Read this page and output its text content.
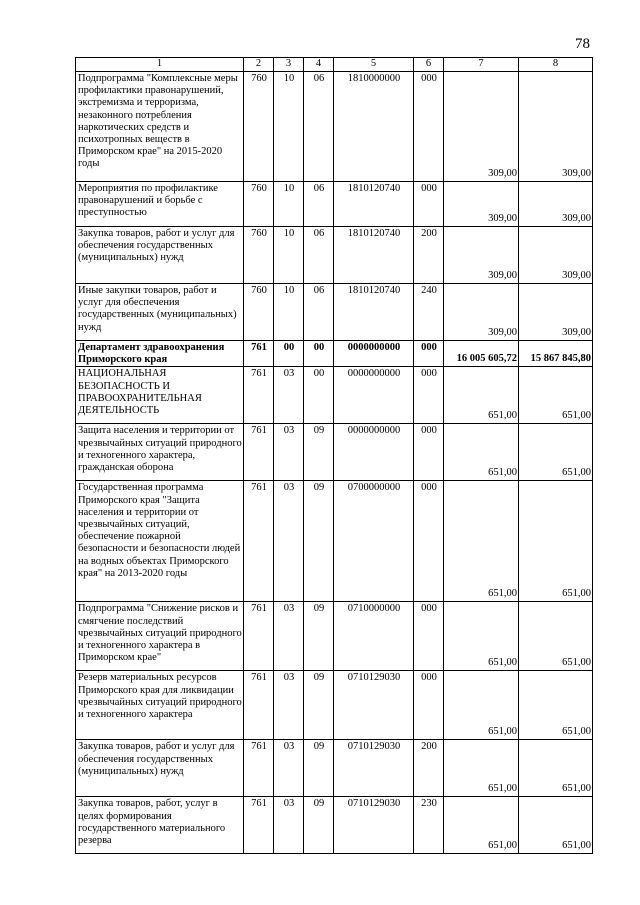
78
1	2	3	4	5	6	7	8
Подпрограмма "Комплексные меры профилактики правонарушений, экстремизма и терроризма, незаконного потребления наркотических средств и психотропных веществ в Приморском крае" на 2015-2020 годы	760	10	06	1810000000	000	309,00	309,00
Мероприятия по профилактике правонарушений и борьбе с преступностью	760	10	06	1810120740	000	309,00	309,00
Закупка товаров, работ и услуг для обеспечения государственных (муниципальных) нужд	760	10	06	1810120740	200	309,00	309,00
Иные закупки товаров, работ и услуг для обеспечения государственных (муниципальных) нужд	760	10	06	1810120740	240	309,00	309,00
Департамент здравоохранения Приморского края	761	00	00	0000000000	000	16 005 605,72	15 867 845,80
НАЦИОНАЛЬНАЯ БЕЗОПАСНОСТЬ И ПРАВООХРАНИТЕЛЬНАЯ ДЕЯТЕЛЬНОСТЬ	761	03	00	0000000000	000	651,00	651,00
Защита населения и территории от чрезвычайных ситуаций природного и техногенного характера, гражданская оборона	761	03	09	0000000000	000	651,00	651,00
Государственная программа Приморского края "Защита населения и территории от чрезвычайных ситуаций, обеспечение пожарной безопасности и безопасности людей на водных объектах Приморского края" на 2013-2020 годы	761	03	09	0700000000	000	651,00	651,00
Подпрограмма "Снижение рисков и смягчение последствий чрезвычайных ситуаций природного и техногенного характера в Приморском крае"	761	03	09	0710000000	000	651,00	651,00
Резерв материальных ресурсов Приморского края для ликвидации чрезвычайных ситуаций природного и техногенного характера	761	03	09	0710129030	000	651,00	651,00
Закупка товаров, работ и услуг для обеспечения государственных (муниципальных) нужд	761	03	09	0710129030	200	651,00	651,00
Закупка товаров, работ, услуг в целях формирования государственного материального резерва	761	03	09	0710129030	230	651,00	651,00
